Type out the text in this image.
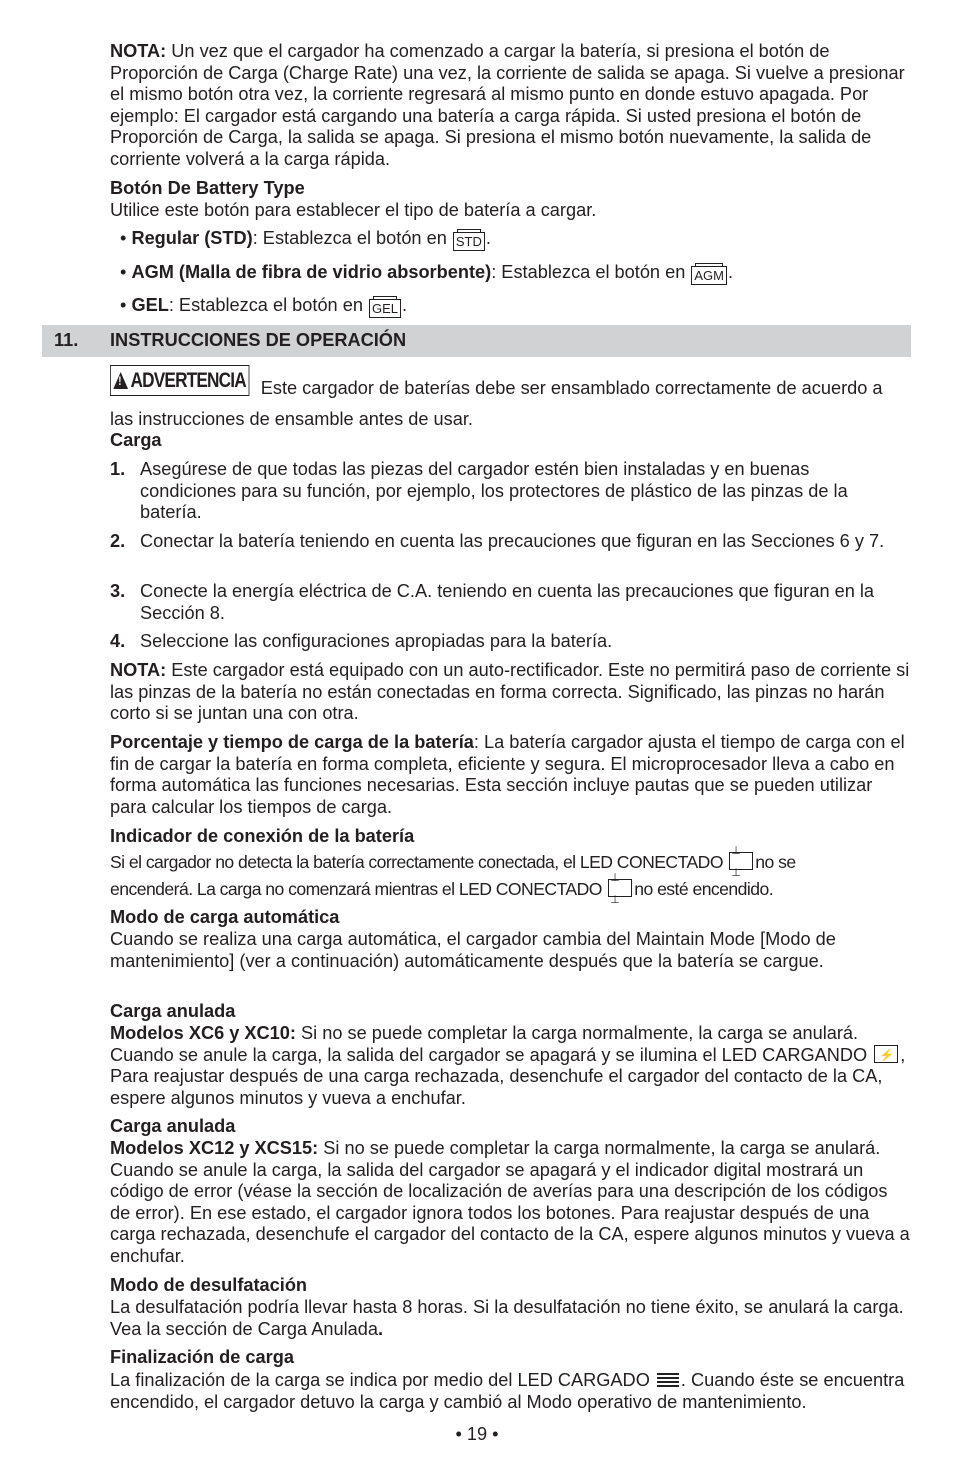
NOTA: Un vez que el cargador ha comenzado a cargar la batería, si presiona el botón de Proporción de Carga (Charge Rate) una vez, la corriente de salida se apaga. Si vuelve a presionar el mismo botón otra vez, la corriente regresará al mismo punto en donde estuvo apagada. Por ejemplo: El cargador está cargando una batería a carga rápida. Si usted presiona el botón de Proporción de Carga, la salida se apaga. Si presiona el mismo botón nuevamente, la salida de corriente volverá a la carga rápida.

Botón De Battery Type

Utilice este botón para establecer el tipo de batería a cargar.

• Regular (STD): Establezca el botón en STD .

• AGM (Malla de fibra de vidrio absorbente): Establezca el botón en AGM .

• GEL: Establezca el botón en GEL .

11. INSTRUCCIONES DE OPERACIÓN

!ADVERTENCIA Este cargador de baterías debe ser ensamblado correctamente de acuerdo a las instrucciones de ensamble antes de usar.

Carga

1. Asegúrese de que todas las piezas del cargador estén bien instaladas y en buenas condiciones para su función, por ejemplo, los protectores de plástico de las pinzas de la batería.
2. Conectar la batería teniendo en cuenta las precauciones que figuran en las Secciones 6 y 7.
3. Conecte la energía eléctrica de C.A. teniendo en cuenta las precauciones que figuran en la Sección 8.
4. Seleccione las configuraciones apropiadas para la batería.

NOTA: Este cargador está equipado con un auto-rectificador. Este no permitirá paso de corriente si las pinzas de la batería no están conectadas en forma correcta. Significado, las pinzas no harán corto si se juntan una con otra.

Porcentaje y tiempo de carga de la batería: La batería cargador ajusta el tiempo de carga con el fin de cargar la batería en forma completa, eficiente y segura. El microprocesador lleva a cabo en forma automática las funciones necesarias. Esta sección incluye pautas que se pueden utilizar para calcular los tiempos de carga.

Indicador de conexión de la batería

Si el cargador no detecta la batería correctamente conectada, el LED CONECTADO ⊥ ⊥ no se

encenderá. La carga no comenzará mientras el LED CONECTADO ⊥ ⊥ no esté encendido.

Modo de carga automática

Cuando se realiza una carga automática, el cargador cambia del Maintain Mode [Modo de mantenimiento] (ver a continuación) automáticamente después que la batería se cargue.

Carga anulada

Modelos XC6 y XC10: Si no se puede completar la carga normalmente, la carga se anulará. Cuando se anule la carga, la salida del cargador se apagará y se ilumina el LED CARGANDO ⚡, Para reajustar después de una carga rechazada, desenchufe el cargador del contacto de la CA, espere algunos minutos y vueva a enchufar.

Carga anulada

Modelos XC12 y XCS15: Si no se puede completar la carga normalmente, la carga se anulará. Cuando se anule la carga, la salida del cargador se apagará y el indicador digital mostrará un código de error (véase la sección de localización de averías para una descripción de los códigos de error). En ese estado, el cargador ignora todos los botones. Para reajustar después de una carga rechazada, desenchufe el cargador del contacto de la CA, espere algunos minutos y vueva a enchufar.

Modo de desulfatación

La desulfatación podría llevar hasta 8 horas. Si la desulfatación no tiene éxito, se anulará la carga. Vea la sección de Carga Anulada.

Finalización de carga

La finalización de la carga se indica por medio del LED CARGADO . Cuando éste se encuentra encendido, el cargador detuvo la carga y cambió al Modo operativo de mantenimiento.

• 19 •
